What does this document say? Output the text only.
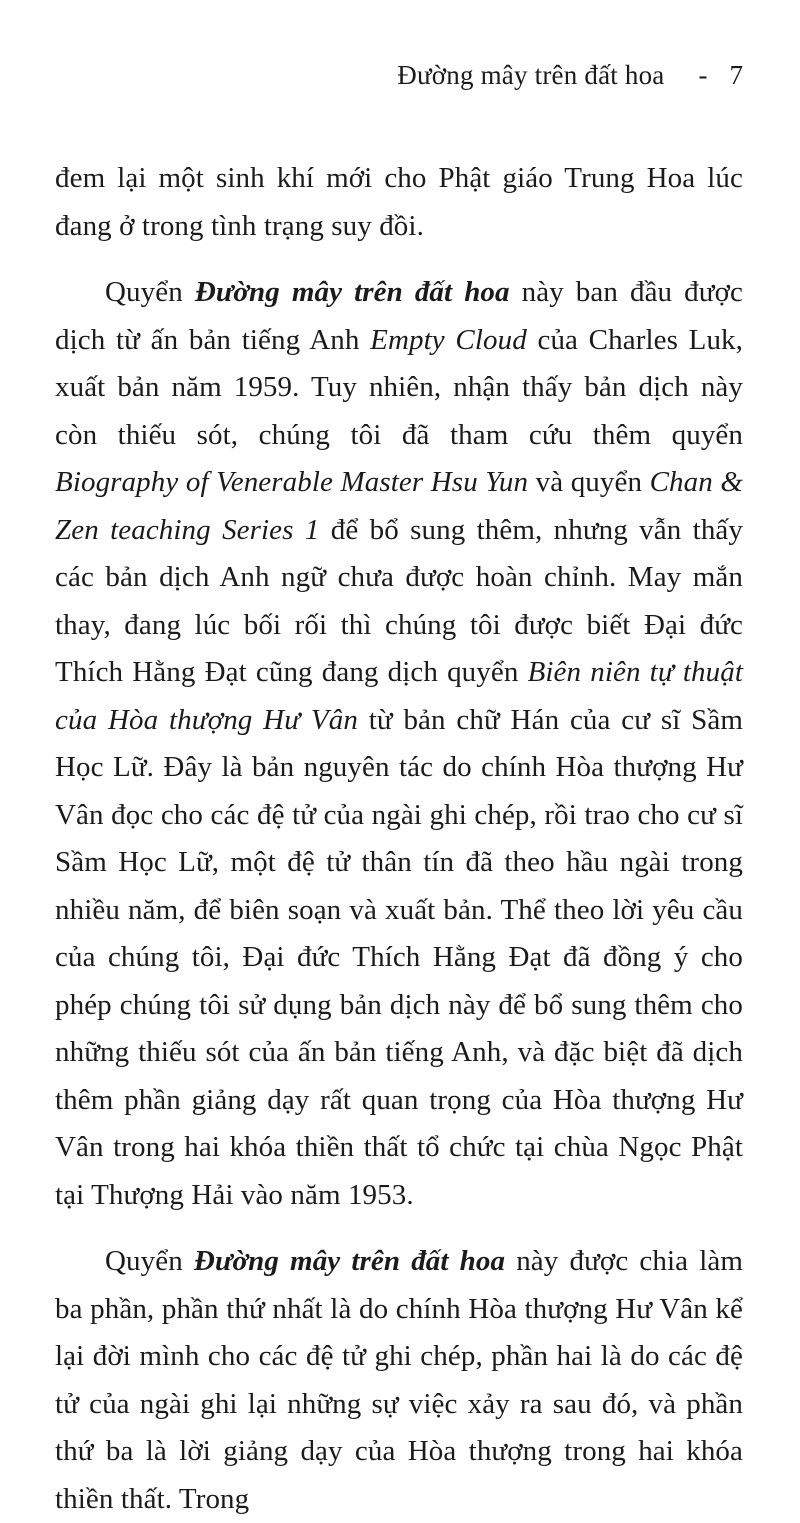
Đường mây trên đất hoa - 7

đem lại một sinh khí mới cho Phật giáo Trung Hoa lúc đang ở trong tình trạng suy đồi.

Quyển Đường mây trên đất hoa này ban đầu được dịch từ ấn bản tiếng Anh Empty Cloud của Charles Luk, xuất bản năm 1959. Tuy nhiên, nhận thấy bản dịch này còn thiếu sót, chúng tôi đã tham cứu thêm quyển Biography of Venerable Master Hsu Yun và quyển Chan & Zen teaching Series 1 để bổ sung thêm, nhưng vẫn thấy các bản dịch Anh ngữ chưa được hoàn chỉnh. May mắn thay, đang lúc bối rối thì chúng tôi được biết Đại đức Thích Hằng Đạt cũng đang dịch quyển Biên niên tự thuật của Hòa thượng Hư Vân từ bản chữ Hán của cư sĩ Sầm Học Lữ. Đây là bản nguyên tác do chính Hòa thượng Hư Vân đọc cho các đệ tử của ngài ghi chép, rồi trao cho cư sĩ Sầm Học Lữ, một đệ tử thân tín đã theo hầu ngài trong nhiều năm, để biên soạn và xuất bản. Thể theo lời yêu cầu của chúng tôi, Đại đức Thích Hằng Đạt đã đồng ý cho phép chúng tôi sử dụng bản dịch này để bổ sung thêm cho những thiếu sót của ấn bản tiếng Anh, và đặc biệt đã dịch thêm phần giảng dạy rất quan trọng của Hòa thượng Hư Vân trong hai khóa thiền thất tổ chức tại chùa Ngọc Phật tại Thượng Hải vào năm 1953.

Quyển Đường mây trên đất hoa này được chia làm ba phần, phần thứ nhất là do chính Hòa thượng Hư Vân kể lại đời mình cho các đệ tử ghi chép, phần hai là do các đệ tử của ngài ghi lại những sự việc xảy ra sau đó, và phần thứ ba là lời giảng dạy của Hòa thượng trong hai khóa thiền thất. Trong
